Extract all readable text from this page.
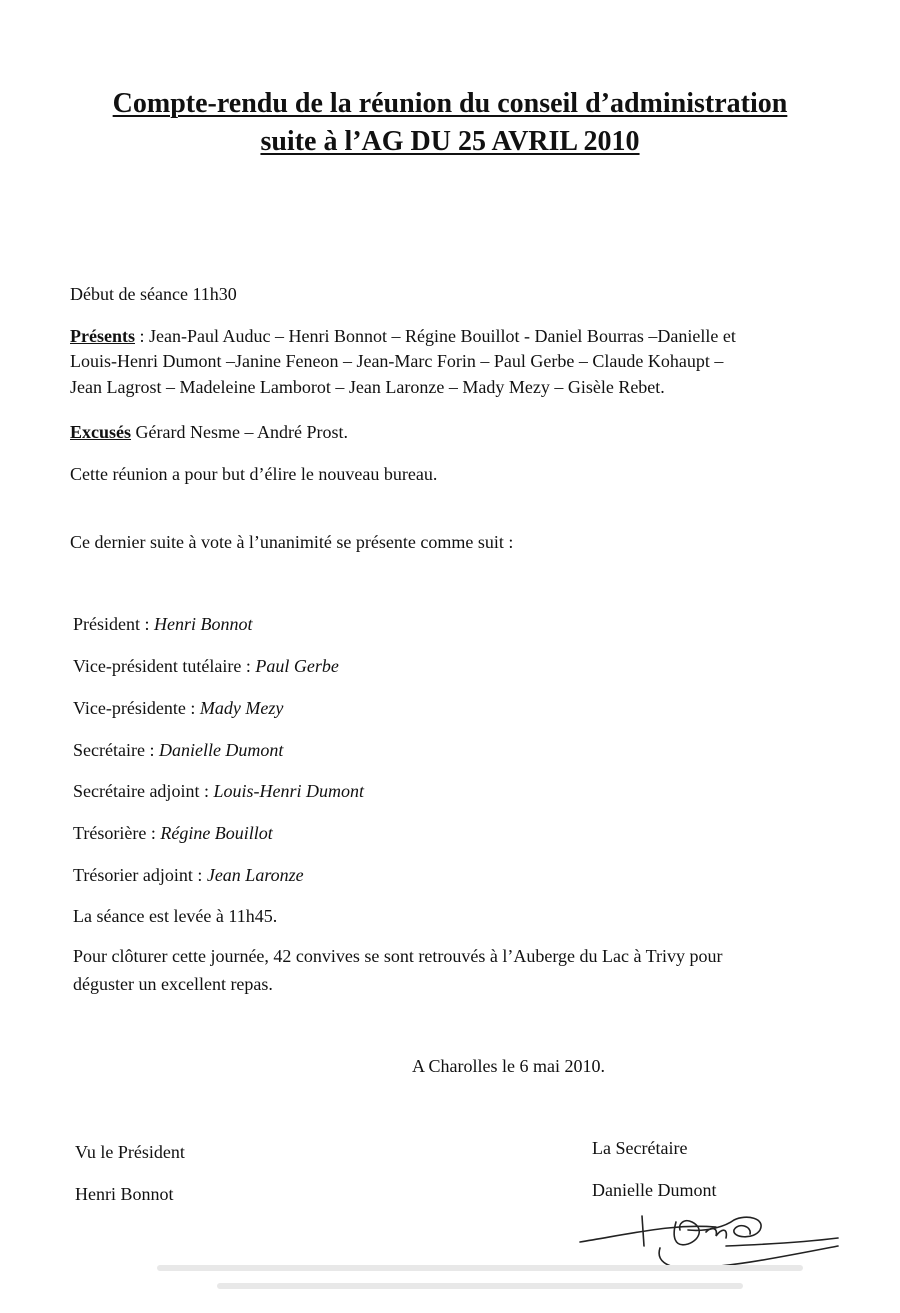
Compte-rendu de la réunion du conseil d’administration
suite à l’AG DU 25 AVRIL 2010
Début de séance 11h30
Présents : Jean-Paul Auduc – Henri Bonnot – Régine Bouillot - Daniel Bourras –Danielle et
Louis-Henri Dumont –Janine Feneon – Jean-Marc Forin – Paul Gerbe – Claude Kohaupt –
Jean Lagrost – Madeleine Lamborot – Jean Laronze – Mady Mezy – Gisèle Rebet.
Excusés Gérard Nesme – André Prost.
Cette réunion a pour but d’élire le nouveau bureau.
Ce dernier suite à vote à l’unanimité se présente comme suit :
Président : Henri Bonnot
Vice-président tutélaire : Paul Gerbe
Vice-présidente : Mady Mezy
Secrétaire : Danielle Dumont
Secrétaire adjoint : Louis-Henri Dumont
Trésorière : Régine Bouillot
Trésorier adjoint : Jean Laronze
La séance est levée à 11h45.
Pour clôturer cette journée, 42 convives se sont retrouvés à l’Auberge du Lac à Trivy pour
déguster un excellent repas.
A Charolles le 6 mai 2010.
Vu le Président
Henri Bonnot
La Secrétaire
Danielle Dumont
